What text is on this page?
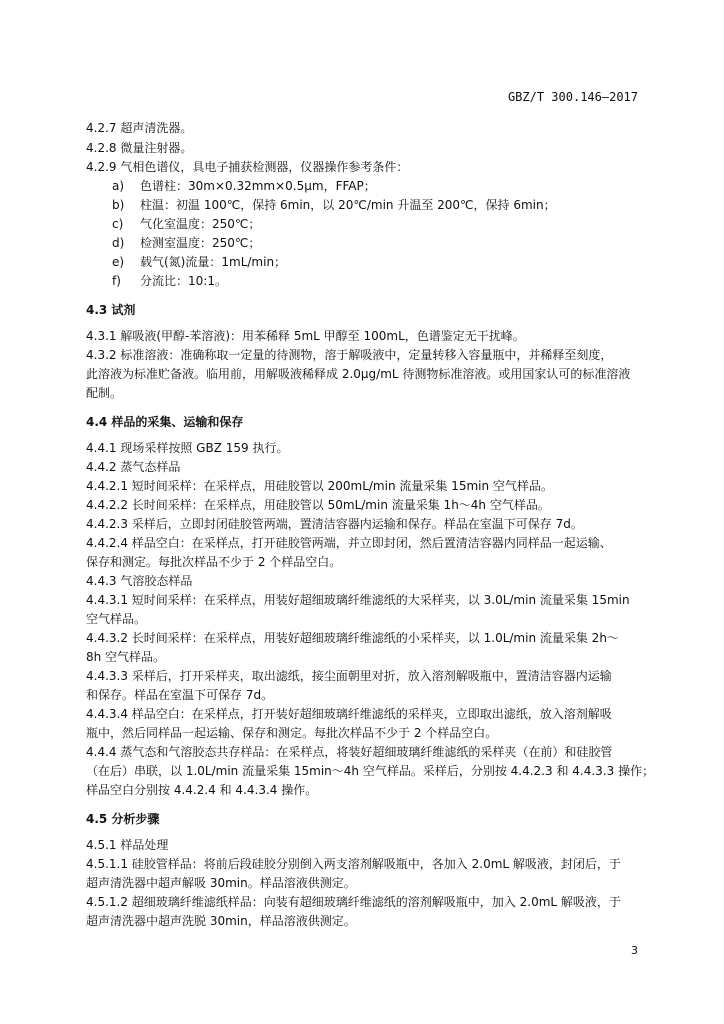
GBZ/T 300.146—2017
4.2.7 超声清洗器。
4.2.8 微量注射器。
4.2.9 气相色谱仪，具电子捕获检测器，仪器操作参考条件：
a) 色谱柱：30m×0.32mm×0.5μm，FFAP；
b) 柱温：初温 100℃，保持 6min，以 20℃/min 升温至 200℃，保持 6min；
c) 气化室温度：250℃；
d) 检测室温度：250℃；
e) 载气(氮)流量：1mL/min；
f) 分流比：10:1。
4.3 试剂
4.3.1 解吸液(甲醇-苯溶液)：用苯稀释 5mL 甲醇至 100mL，色谱鉴定无干扰峰。
4.3.2 标准溶液：准确称取一定量的待测物，溶于解吸液中，定量转移入容量瓶中，并稀释至刻度，
此溶液为标准贮备液。临用前，用解吸液稀释成 2.0μg/mL 待测物标准溶液。或用国家认可的标准溶液
配制。
4.4 样品的采集、运输和保存
4.4.1 现场采样按照 GBZ 159 执行。
4.4.2 蒸气态样品
4.4.2.1 短时间采样：在采样点，用硅胶管以 200mL/min 流量采集 15min 空气样品。
4.4.2.2 长时间采样：在采样点，用硅胶管以 50mL/min 流量采集 1h～4h 空气样品。
4.4.2.3 采样后，立即封闭硅胶管两端，置清洁容器内运输和保存。样品在室温下可保存 7d。
4.4.2.4 样品空白：在采样点，打开硅胶管两端，并立即封闭，然后置清洁容器内同样品一起运输、
保存和测定。每批次样品不少于 2 个样品空白。
4.4.3 气溶胶态样品
4.4.3.1 短时间采样：在采样点，用装好超细玻璃纤维滤纸的大采样夹，以 3.0L/min 流量采集 15min
空气样品。
4.4.3.2 长时间采样：在采样点，用装好超细玻璃纤维滤纸的小采样夹，以 1.0L/min 流量采集 2h～
8h 空气样品。
4.4.3.3 采样后，打开采样夹，取出滤纸，接尘面朝里对折，放入溶剂解吸瓶中，置清洁容器内运输
和保存。样品在室温下可保存 7d。
4.4.3.4 样品空白：在采样点，打开装好超细玻璃纤维滤纸的采样夹，立即取出滤纸，放入溶剂解吸
瓶中，然后同样品一起运输、保存和测定。每批次样品不少于 2 个样品空白。
4.4.4 蒸气态和气溶胶态共存样品：在采样点，将装好超细玻璃纤维滤纸的采样夹（在前）和硅胶管
（在后）串联，以 1.0L/min 流量采集 15min～4h 空气样品。采样后，分别按 4.4.2.3 和 4.4.3.3 操作；
样品空白分别按 4.4.2.4 和 4.4.3.4 操作。
4.5 分析步骤
4.5.1 样品处理
4.5.1.1 硅胶管样品：将前后段硅胶分别倒入两支溶剂解吸瓶中，各加入 2.0mL 解吸液，封闭后，于
超声清洗器中超声解吸 30min。样品溶液供测定。
4.5.1.2 超细玻璃纤维滤纸样品：向装有超细玻璃纤维滤纸的溶剂解吸瓶中，加入 2.0mL 解吸液，于
超声清洗器中超声洗脱 30min，样品溶液供测定。
3
